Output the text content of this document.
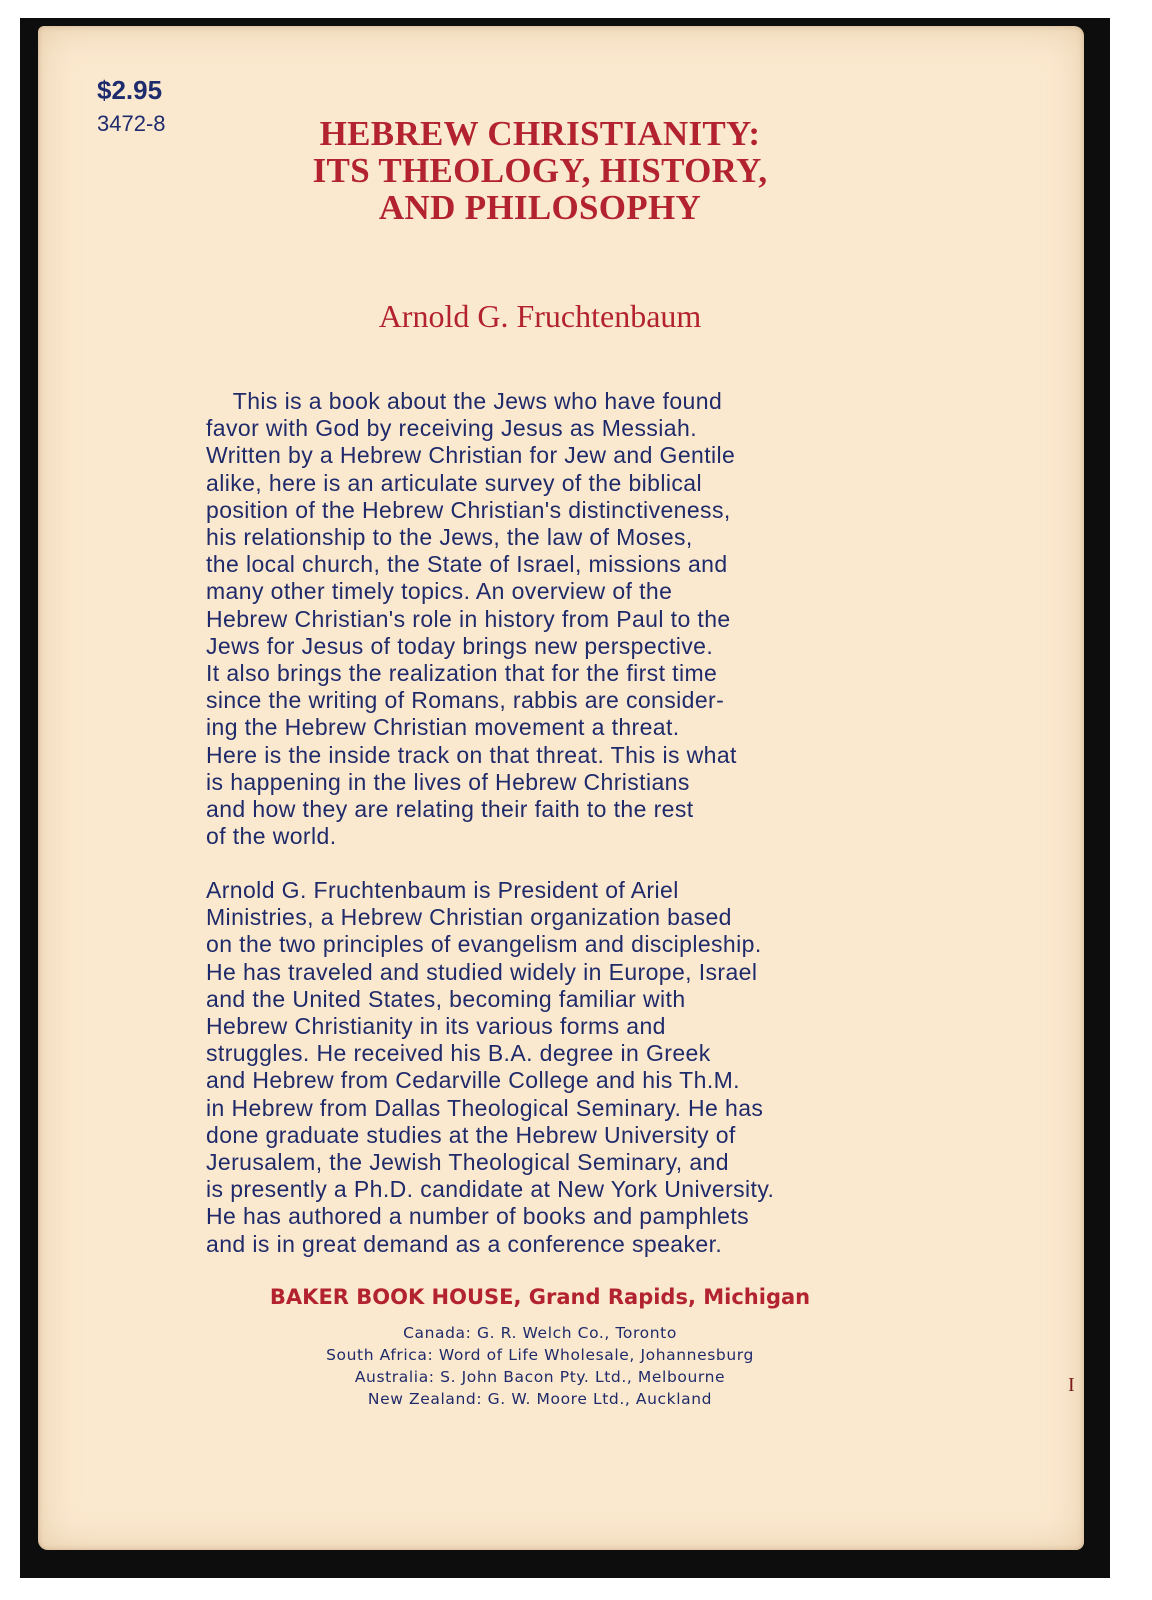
$2.95

3472-8	HEBREW CHRISTIANITY:
ITS THEOLOGY, HISTORY,
AND PHILOSOPHY

Arnold G. Fruchtenbaum

This is a book about the Jews who have found
favor with God by receiving Jesus as Messiah.
Written by a Hebrew Christian for Jew and Gentile
alike, here is an articulate survey of the biblical
position of the Hebrew Christian's distinctiveness,
his relationship to the Jews, the law of Moses,
the local church, the State of Israel, missions and
many other timely topics. An overview of the
Hebrew Christian's role in history from Paul to the
Jews for Jesus of today brings new perspective.
It also brings the realization that for the first time
since the writing of Romans, rabbis are consider-
ing the Hebrew Christian movement a threat.
Here is the inside track on that threat. This is what
is happening in the lives of Hebrew Christians
and how they are relating their faith to the rest
of the world.
Arnold G. Fruchtenbaum is President of Ariel
Ministries, a Hebrew Christian organization based
on the two principles of evangelism and discipleship.
He has traveled and studied widely in Europe, Israel
and the United States, becoming familiar with
Hebrew Christianity in its various forms and
struggles. He received his B.A. degree in Greek
and Hebrew from Cedarville College and his Th.M.
in Hebrew from Dallas Theological Seminary. He has
done graduate studies at the Hebrew University of
Jerusalem, the Jewish Theological Seminary, and
is presently a Ph.D. candidate at New York University.
He has authored a number of books and pamphlets
and is in great demand as a conference speaker.

BAKER BOOK HOUSE, Grand Rapids, Michigan

Canada: G. R. Welch Co., Toronto
South Africa: Word of Life Wholesale, Johannesburg
Australia: S. John Bacon Pty. Ltd., Melbourne
New Zealand: G. W. Moore Ltd., Auckland
I
